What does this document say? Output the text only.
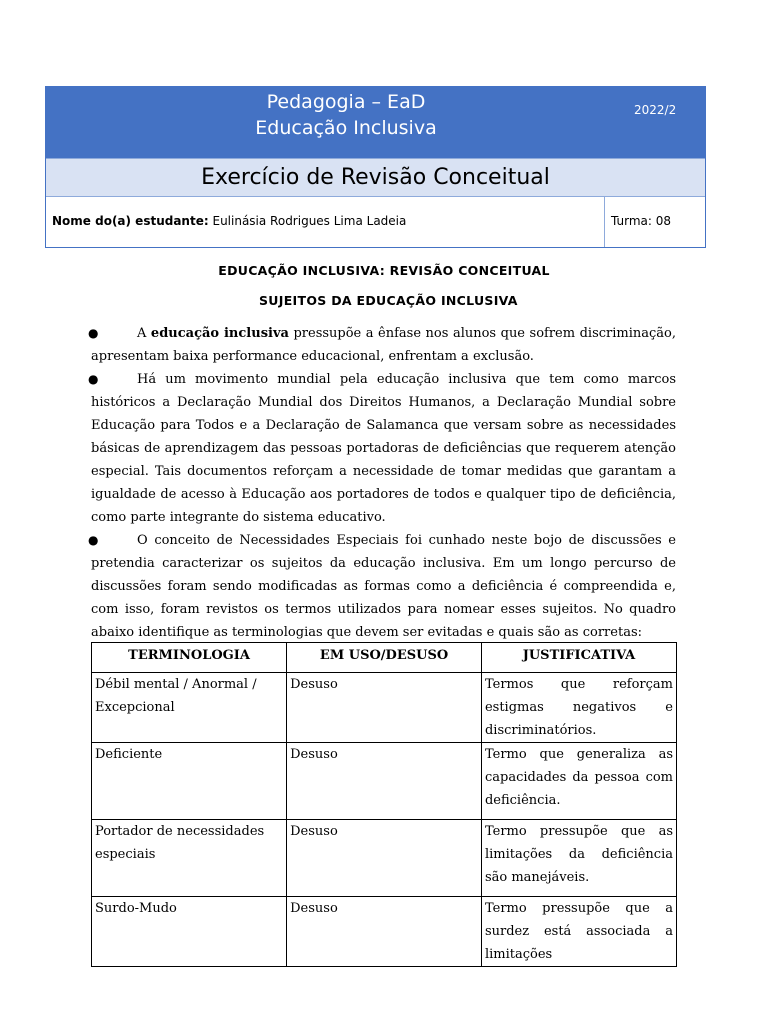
Pedagogia – EaD
Educação Inclusiva
2022/2
Exercício de Revisão Conceitual
Nome do(a) estudante: Eulinásia Rodrigues Lima Ladeia	Turma: 08
EDUCAÇÃO INCLUSIVA: REVISÃO CONCEITUAL
SUJEITOS DA EDUCAÇÃO INCLUSIVA

●	A educação inclusiva pressupõe a ênfase nos alunos que sofrem discriminação, apresentam baixa performance educacional, enfrentam a exclusão.

●	Há um movimento mundial pela educação inclusiva que tem como marcos históricos a Declaração Mundial dos Direitos Humanos, a Declaração Mundial sobre Educação para Todos e a Declaração de Salamanca que versam sobre as necessidades básicas de aprendizagem das pessoas portadoras de deficiências que requerem atenção especial. Tais documentos reforçam a necessidade de tomar medidas que garantam a igualdade de acesso à Educação aos portadores de todos e qualquer tipo de deficiência, como parte integrante do sistema educativo.

●	O conceito de Necessidades Especiais foi cunhado neste bojo de discussões e pretendia caracterizar os sujeitos da educação inclusiva. Em um longo percurso de discussões foram sendo modificadas as formas como a deficiência é compreendida e, com isso, foram revistos os termos utilizados para nomear esses sujeitos. No quadro abaixo identifique as terminologias que devem ser evitadas e quais são as corretas:

TERMINOLOGIA	EM USO/DESUSO	JUSTIFICATIVA
Débil mental / Anormal / Excepcional	Desuso	Termos que reforçam estigmas negativos e discriminatórios.
Deficiente	Desuso	Termo que generaliza as capacidades da pessoa com deficiência.
Portador de necessidades especiais	Desuso	Termo pressupõe que as limitações da deficiência são manejáveis.
Surdo-Mudo	Desuso	Termo pressupõe que a surdez está associada a limitações
